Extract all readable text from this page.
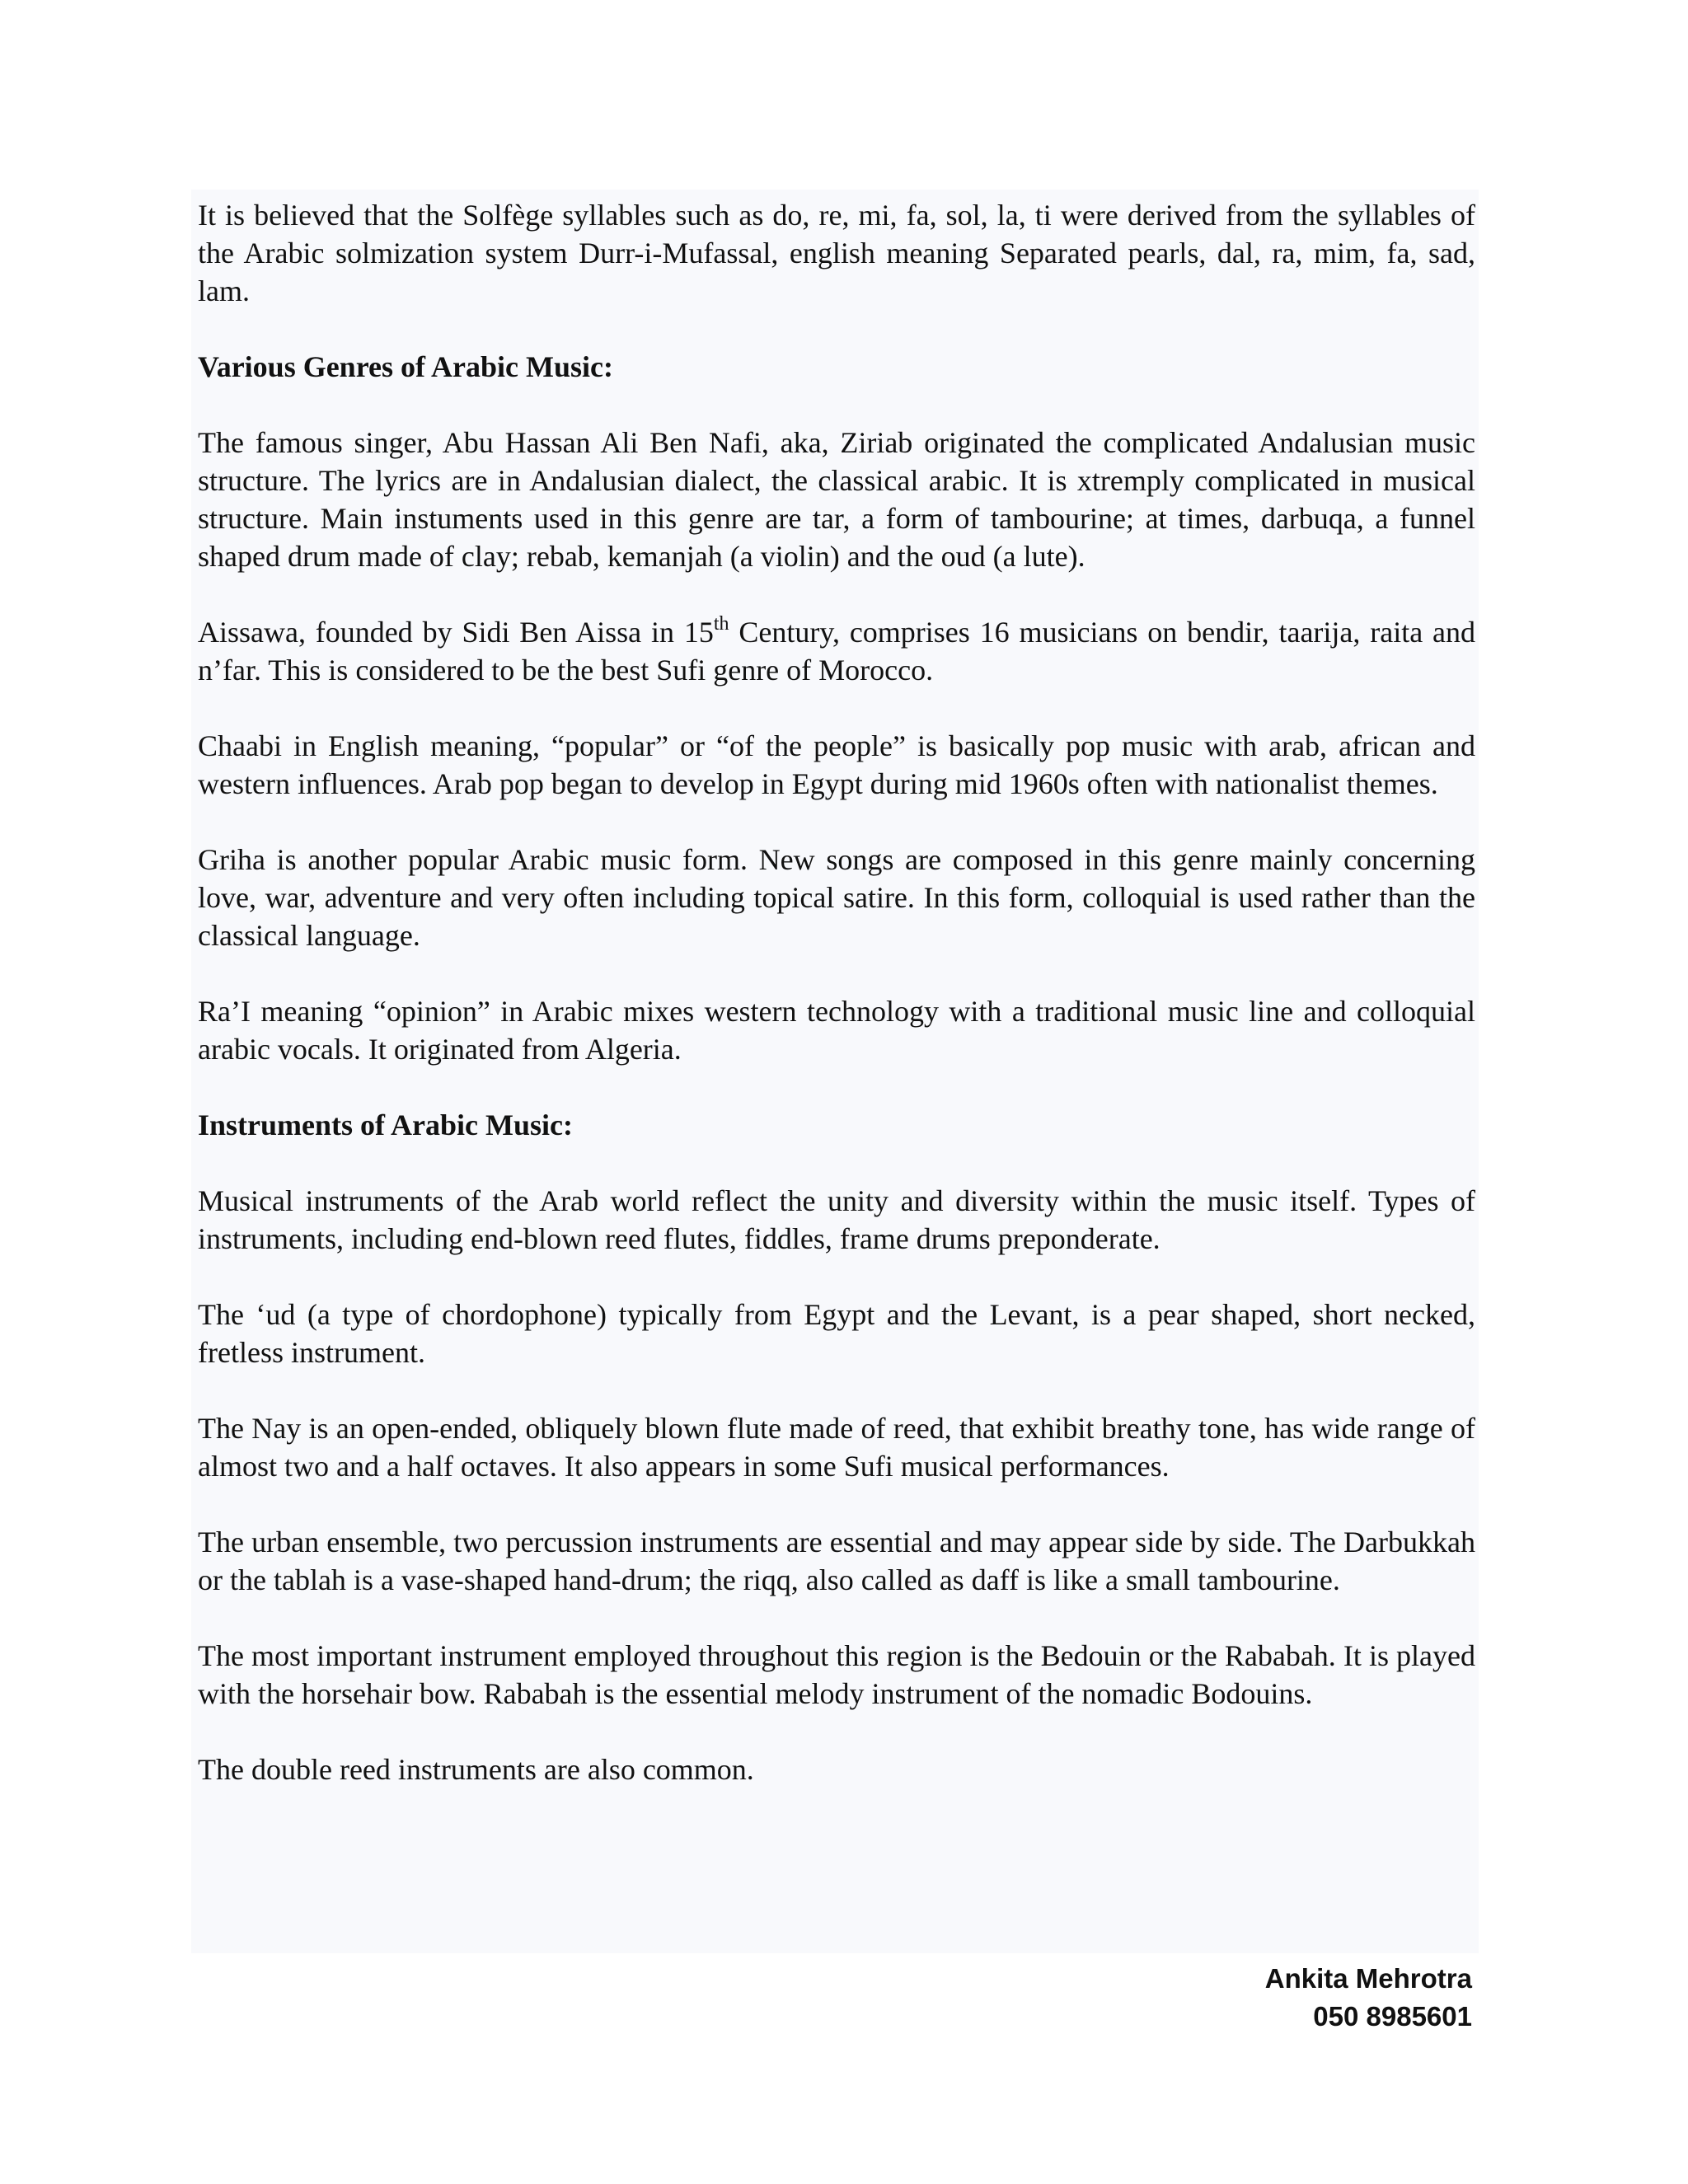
It is believed that the Solfège syllables such as do, re, mi, fa, sol, la, ti were derived from the syllables of the Arabic solmization system Durr-i-Mufassal, english meaning Separated pearls, dal, ra, mim, fa, sad, lam.

Various Genres of Arabic Music:

The famous singer, Abu Hassan Ali Ben Nafi, aka, Ziriab originated the complicated Andalusian music structure. The lyrics are in Andalusian dialect, the classical arabic. It is xtremply complicated in musical structure. Main instuments used in this genre are tar, a form of tambourine; at times, darbuqa, a funnel shaped drum made of clay; rebab, kemanjah (a violin) and the oud (a lute).

Aissawa, founded by Sidi Ben Aissa in 15th Century, comprises 16 musicians on bendir, taarija, raita and n’far. This is considered to be the best Sufi genre of Morocco.

Chaabi in English meaning, “popular” or “of the people” is basically pop music with arab, african and western influences. Arab pop began to develop in Egypt during mid 1960s often with nationalist themes.

Griha is another popular Arabic music form. New songs are composed in this genre mainly concerning love, war, adventure and very often including topical satire. In this form, colloquial is used rather than the classical language.

Ra’I meaning “opinion” in Arabic mixes western technology with a traditional music line and colloquial arabic vocals. It originated from Algeria.

Instruments of Arabic Music:

Musical instruments of the Arab world reflect the unity and diversity within the music itself. Types of instruments, including end-blown reed flutes, fiddles, frame drums preponderate.

The ‘ud (a type of chordophone) typically from Egypt and the Levant, is a pear shaped, short necked, fretless instrument.

The Nay is an open-ended, obliquely blown flute made of reed, that exhibit breathy tone, has wide range of almost two and a half octaves. It also appears in some Sufi musical performances.

The urban ensemble, two percussion instruments are essential and may appear side by side. The Darbukkah or the tablah is a vase-shaped hand-drum; the riqq, also called as daff is like a small tambourine.

The most important instrument employed throughout this region is the Bedouin or the Rababah. It is played with the horsehair bow. Rababah is the essential melody instrument of the nomadic Bodouins.

The double reed instruments are also common.

Ankita Mehrotra
050 8985601
